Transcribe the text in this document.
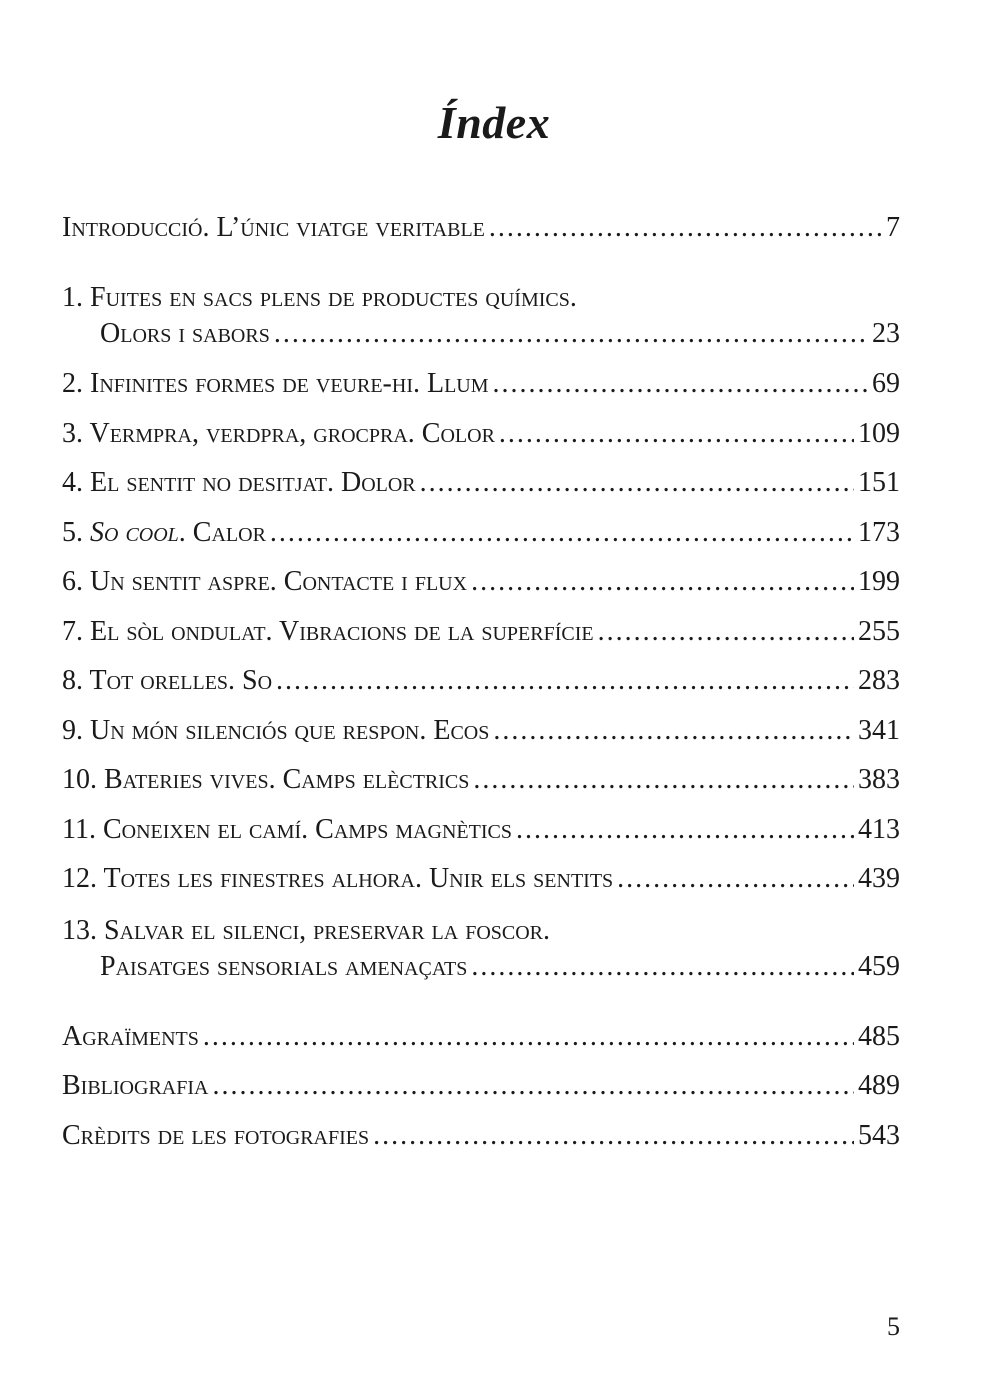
Índex
Introducció. L’únic viatge veritable .....	7
1. Fuites en sacs plens de productes químics.
Olors i sabors .....	23
2. Infinites formes de veure-hi. Llum .....	69
3. Vermpra, verdpra, grocpra. Color .....	109
4. El sentit no desitjat. Dolor .....	151
5. So cool. Calor .....	173
6. Un sentit aspre. Contacte i flux .....	199
7. El sòl ondulat. Vibracions de la superfície .....	255
8. Tot orelles. So .....	283
9. Un món silenciós que respon. Ecos .....	341
10. Bateries vives. Camps elèctrics .....	383
11. Coneixen el camí. Camps magnètics .....	413
12. Totes les finestres alhora. Unir els sentits .....	439
13. Salvar el silenci, preservar la foscor.
Paisatges sensorials amenaçats .....	459
Agraïments .....	485
Bibliografia .....	489
Crèdits de les fotografies .....	543
5
